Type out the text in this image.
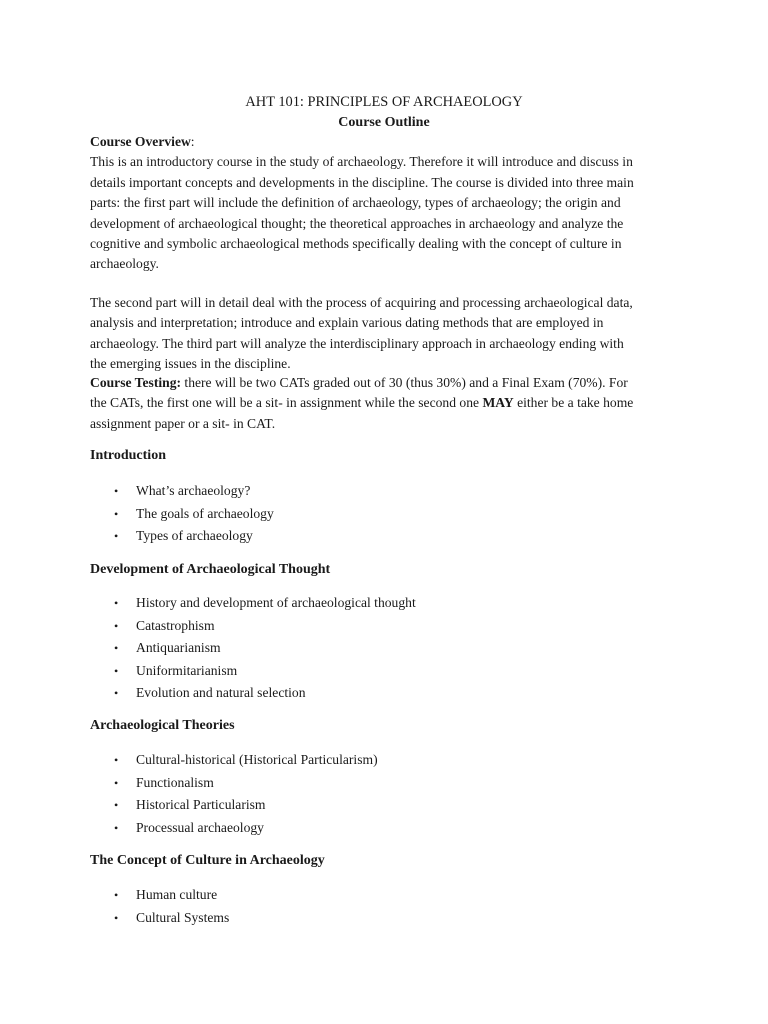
AHT 101: PRINCIPLES OF ARCHAEOLOGY
Course Outline
Course Overview:
This is an introductory course in the study of archaeology. Therefore it will introduce and discuss in
details important concepts and developments in the discipline. The course is divided into three main
parts: the first part will include the definition of archaeology, types of archaeology; the origin and
development of archaeological thought; the theoretical approaches in archaeology and analyze the
cognitive and symbolic archaeological methods specifically dealing with the concept of culture in
archaeology.
The second part will in detail deal with the process of acquiring and processing archaeological data,
analysis and interpretation; introduce and explain various dating methods that are employed in
archaeology. The third part will analyze the interdisciplinary approach in archaeology ending with
the emerging issues in the discipline.
Course Testing: there will be two CATs graded out of 30 (thus 30%) and a Final Exam (70%). For
the CATs, the first one will be a sit- in assignment while the second one MAY either be a take home
assignment paper or a sit- in CAT.
Introduction
• What’s archaeology?
• The goals of archaeology
• Types of archaeology
Development of Archaeological Thought
• History and development of archaeological thought
• Catastrophism
• Antiquarianism
• Uniformitarianism
• Evolution and natural selection
Archaeological Theories
• Cultural-historical (Historical Particularism)
• Functionalism
• Historical Particularism
• Processual archaeology
The Concept of Culture in Archaeology
• Human culture
• Cultural Systems
